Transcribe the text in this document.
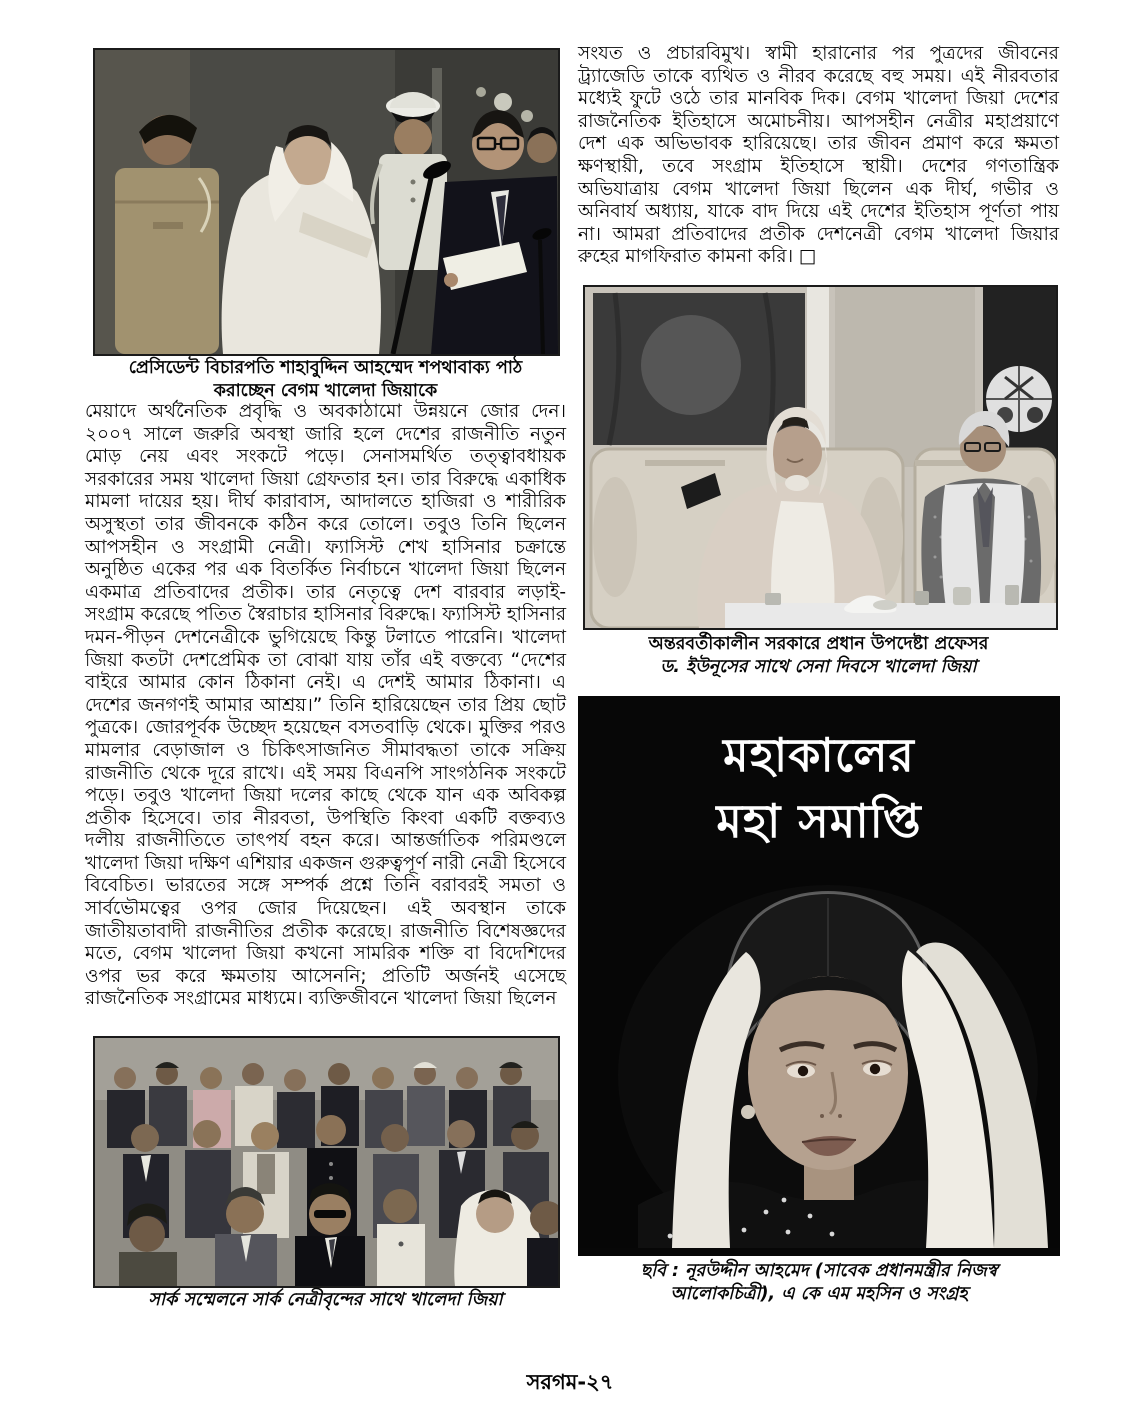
প্রেসিডেন্ট বিচারপতি শাহাবুদ্দিন আহম্মেদ শপথাবাক্য পাঠ
করাচ্ছেন বেগম খালেদা জিয়াকে
মেয়াদে অর্থনৈতিক প্রবৃদ্ধি ও অবকাঠামো উন্নয়নে জোর দেন। ২০০৭ সালে জরুরি অবস্থা জারি হলে দেশের রাজনীতি নতুন মোড় নেয় এবং সংকটে পড়ে। সেনাসমর্থিত তত্ত্বাবধায়ক সরকারের সময় খালেদা জিয়া গ্রেফতার হন। তার বিরুদ্ধে একাধিক মামলা দায়ের হয়। দীর্ঘ কারাবাস, আদালতে হাজিরা ও শারীরিক অসুস্থতা তার জীবনকে কঠিন করে তোলে। তবুও তিনি ছিলেন আপসহীন ও সংগ্রামী নেত্রী। ফ্যাসিস্ট শেখ হাসিনার চক্রান্তে অনুষ্ঠিত একের পর এক বিতর্কিত নির্বাচনে খালেদা জিয়া ছিলেন একমাত্র প্রতিবাদের প্রতীক। তার নেতৃত্বে দেশ বারবার লড়াই-সংগ্রাম করেছে পতিত স্বৈরাচার হাসিনার বিরুদ্ধে। ফ্যাসিস্ট হাসিনার দমন-পীড়ন দেশনেত্রীকে ভুগিয়েছে কিন্তু টলাতে পারেনি। খালেদা জিয়া কতটা দেশপ্রেমিক তা বোঝা যায় তাঁর এই বক্তব্যে “দেশের বাইরে আমার কোন ঠিকানা নেই। এ দেশই আমার ঠিকানা। এ দেশের জনগণই আমার আশ্রয়।” তিনি হারিয়েছেন তার প্রিয় ছোট পুত্রকে। জোরপূর্বক উচ্ছেদ হয়েছেন বসতবাড়ি থেকে। মুক্তির পরও মামলার বেড়াজাল ও চিকিৎসাজনিত সীমাবদ্ধতা তাকে সক্রিয় রাজনীতি থেকে দূরে রাখে। এই সময় বিএনপি সাংগঠনিক সংকটে পড়ে। তবুও খালেদা জিয়া দলের কাছে থেকে যান এক অবিকল্প প্রতীক হিসেবে। তার নীরবতা, উপস্থিতি কিংবা একটি বক্তব্যও দলীয় রাজনীতিতে তাৎপর্য বহন করে। আন্তর্জাতিক পরিমণ্ডলে খালেদা জিয়া দক্ষিণ এশিয়ার একজন গুরুত্বপূর্ণ নারী নেত্রী হিসেবে বিবেচিত। ভারতের সঙ্গে সম্পর্ক প্রশ্নে তিনি বরাবরই সমতা ও সার্বভৌমত্বের ওপর জোর দিয়েছেন। এই অবস্থান তাকে জাতীয়তাবাদী রাজনীতির প্রতীক করেছে। রাজনীতি বিশেষজ্ঞদের মতে, বেগম খালেদা জিয়া কখনো সামরিক শক্তি বা বিদেশিদের ওপর ভর করে ক্ষমতায় আসেননি; প্রতিটি অর্জনই এসেছে রাজনৈতিক সংগ্রামের মাধ্যমে। ব্যক্তিজীবনে খালেদা জিয়া ছিলেন
সার্ক সম্মেলনে সার্ক নেত্রীবৃন্দের সাথে খালেদা জিয়া
সংযত ও প্রচারবিমুখ। স্বামী হারানোর পর পুত্রদের জীবনের ট্র্যাজেডি তাকে ব্যথিত ও নীরব করেছে বহু সময়। এই নীরবতার মধ্যেই ফুটে ওঠে তার মানবিক দিক। বেগম খালেদা জিয়া দেশের রাজনৈতিক ইতিহাসে অমোচনীয়। আপসহীন নেত্রীর মহাপ্রয়াণে দেশ এক অভিভাবক হারিয়েছে। তার জীবন প্রমাণ করে ক্ষমতা ক্ষণস্থায়ী, তবে সংগ্রাম ইতিহাসে স্থায়ী। দেশের গণতান্ত্রিক অভিযাত্রায় বেগম খালেদা জিয়া ছিলেন এক দীর্ঘ, গভীর ও অনিবার্য অধ্যায়, যাকে বাদ দিয়ে এই দেশের ইতিহাস পূর্ণতা পায় না। আমরা প্রতিবাদের প্রতীক দেশনেত্রী বেগম খালেদা জিয়ার রুহের মাগফিরাত কামনা করি। □
অন্তরবর্তীকালীন সরকারে প্রধান উপদেষ্টা প্রফেসর
ড. ইউনূসের সাথে সেনা দিবসে খালেদা জিয়া
মহাকালের
মহা সমাপ্তি
ছবি : নূরউদ্দীন আহমেদ (সাবেক প্রধানমন্ত্রীর নিজস্ব
আলোকচিত্রী), এ কে এম মহসিন ও সংগ্রহ
সরগম-২৭
